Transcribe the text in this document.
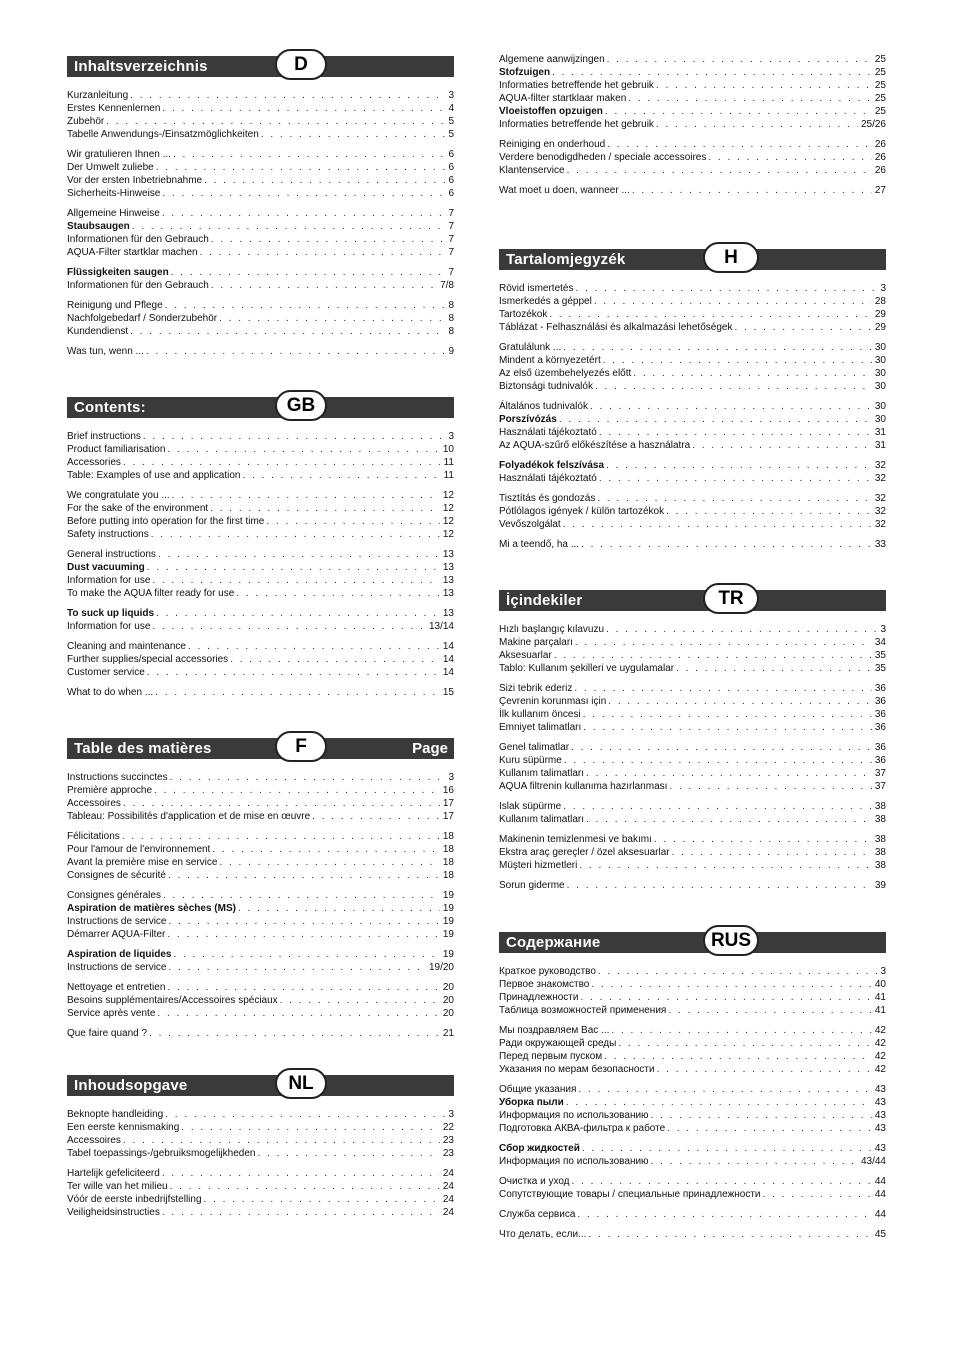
Inhaltsverzeichnis	D
Kurzanleitung . . .	3
Erstes Kennenlernen . . .	4
Zubehör . . .	5
Tabelle Anwendungs-/Einsatzmöglichkeiten . . .	5
Wir gratulieren Ihnen ... . . .	6
Der Umwelt zuliebe . . .	6
Vor der ersten Inbetriebnahme . . .	6
Sicherheits-Hinweise . . .	6
Allgemeine Hinweise . . .	7
Staubsaugen . . .	7
Informationen für den Gebrauch . . .	7
AQUA-Filter startklar machen . . .	7
Flüssigkeiten saugen . . .	7
Informationen für den Gebrauch . . .	7/8
Reinigung und Pflege . . .	8
Nachfolgebedarf / Sonderzubehör . . .	8
Kundendienst . . .	8
Was tun, wenn ... . . .	9
Contents:	GB
Brief instructions . . .	3
Product familiarisation . . .	10
Accessories . . .	11
Table: Examples of use and application . . .	11
We congratulate you ... . . .	12
For the sake of the environment . . .	12
Before putting into operation for the first time . . .	12
Safety instructions . . .	12
General instructions . . .	13
Dust vacuuming . . .	13
Information for use . . .	13
To make the AQUA filter ready for use . . .	13
To suck up liquids . . .	13
Information for use . . .	13/14
Cleaning and maintenance . . .	14
Further supplies/special accessories . . .	14
Customer service . . .	14
What to do when ... . . .	15
Table des matières	F	Page
Instructions succinctes . . .	3
Première approche . . .	16
Accessoires . . .	17
Tableau: Possibilités d'application et de mise en œuvre . . .	17
Félicitations . . .	18
Pour l'amour de l'environnement . . .	18
Avant la première mise en service . . .	18
Consignes de sécurité . . .	18
Consignes générales . . .	19
Aspiration de matières sèches (MS) . . .	19
Instructions de service . . .	19
Démarrer AQUA-Filter . . .	19
Aspiration de liquides . . .	19
Instructions de service . . .	19/20
Nettoyage et entretien . . .	20
Besoins supplémentaires/Accessoires spéciaux . . .	20
Service après vente . . .	20
Que faire quand ? . . .	21
Inhoudsopgave	NL
Beknopte handleiding . . .	3
Een eerste kennismaking . . .	22
Accessoires . . .	23
Tabel toepassings-/gebruiksmogelijkheden . . .	23
Hartelijk gefeliciteerd . . .	24
Ter wille van het milieu . . .	24
Vóór de eerste inbedrijfstelling . . .	24
Veiligheidsinstructies . . .	24
Algemene aanwijzingen . . .	25
Stofzuigen . . .	25
Informaties betreffende het gebruik . . .	25
AQUA-filter startklaar maken . . .	25
Vloeistoffen opzuigen . . .	25
Informaties betreffende het gebruik . . .	25/26
Reiniging en onderhoud . . .	26
Verdere benodigdheden / speciale accessoires . . .	26
Klantenservice . . .	26
Wat moet u doen, wanneer ... . . .	27
Tartalomjegyzék	H
Rövid ismertetés . . .	3
Ismerkedés a géppel . . .	28
Tartozékok . . .	29
Táblázat - Felhasználási és alkalmazási lehetőségek . . .	29
Gratulálunk ... . . .	30
Mindent a környezetért . . .	30
Az első üzembehelyezés előtt . . .	30
Biztonsági tudnivalók . . .	30
Általános tudnivalók . . .	30
Porszívózás . . .	30
Használati tájékoztató . . .	31
Az AQUA-szűrő előkészítése a használatra . . .	31
Folyadékok felszívása . . .	32
Használati tájékoztató . . .	32
Tisztítás és gondozás . . .	32
Pótlólagos igények / külön tartozékok . . .	32
Vevőszolgálat . . .	32
Mi a teendő, ha ... . . .	33
İçindekiler	TR
Hızlı başlangıç kılavuzu . . .	3
Makine parçaları . . .	34
Aksesuarlar . . .	35
Tablo: Kullanım şekilleri ve uygulamalar . . .	35
Sizi tebrik ederiz . . .	36
Çevrenin korunması için . . .	36
İlk kullanım öncesi . . .	36
Emniyet talimatları . . .	36
Genel talimatlar . . .	36
Kuru süpürme . . .	36
Kullanım talimatları . . .	37
AQUA filtrenin kullanıma hazırlanması . . .	37
Islak süpürme . . .	38
Kullanım talimatları . . .	38
Makinenin temizlenmesi ve bakımı . . .	38
Ekstra araç gereçler / özel aksesuarlar . . .	38
Müşteri hizmetleri . . .	38
Sorun giderme . . .	39
Содержание	RUS
Краткое руководство . . .	3
Первое знакомство . . .	40
Принадлежности . . .	41
Таблица возможностей применения . . .	41
Мы поздравляем Вас ... . . .	42
Ради окружающей среды . . .	42
Перед первым пуском . . .	42
Указания по мерам безопасности . . .	42
Общие указания . . .	43
Уборка пыли . . .	43
Информация по использованию . . .	43
Подготовка АКВА-фильтра к работе . . .	43
Сбор жидкостей . . .	43
Информация по использованию . . .	43/44
Очистка и уход . . .	44
Сопутствующие товары / специальные принадлежности . . .	44
Служба сервиса . . .	44
Что делать, если... . . .	45
